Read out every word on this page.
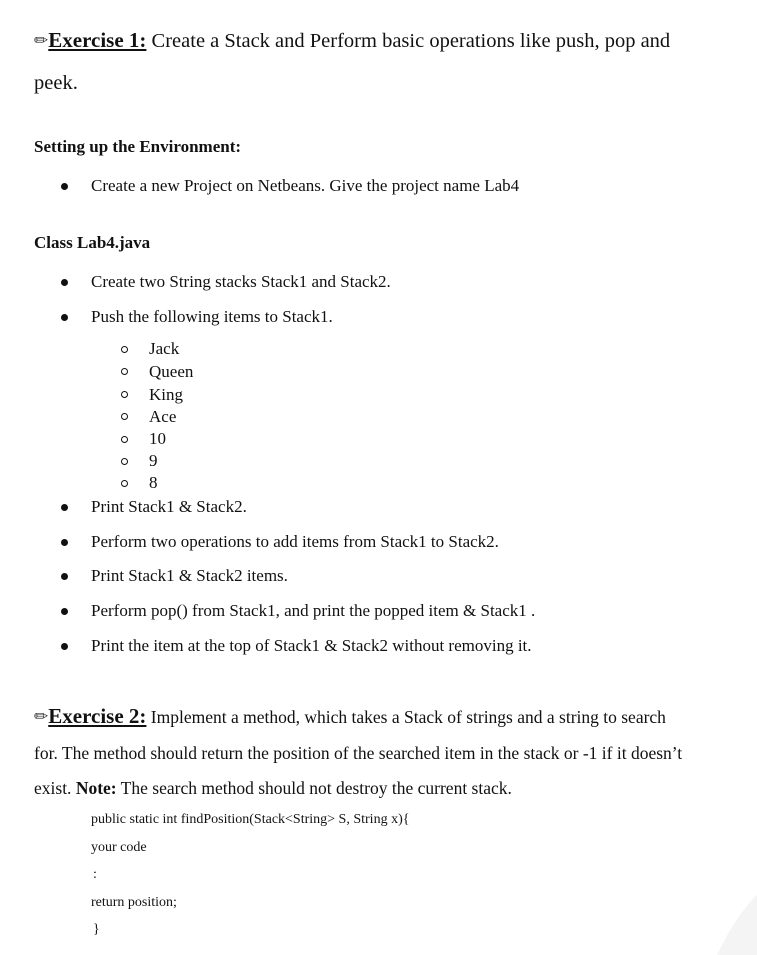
✏Exercise 1: Create a Stack and Perform basic operations like push, pop and
peek.
Setting up the Environment:
Create a new Project on Netbeans. Give the project name Lab4
Class Lab4.java
Create two String stacks Stack1 and Stack2.
Push the following items to Stack1.
Jack
Queen
King
Ace
10
9
8
Print Stack1 & Stack2.
Perform two operations to add items from Stack1 to Stack2.
Print Stack1 & Stack2 items.
Perform pop() from Stack1, and print the popped item & Stack1 .
Print the item at the top of Stack1 & Stack2 without removing it.
✏Exercise 2: Implement a method, which takes a Stack of strings and a string to search
for. The method should return the position of the searched item in the stack or -1 if it doesn’t
exist. Note: The search method should not destroy the current stack.
public static int findPosition(Stack<String> S, String x){
your code
:
return position;
}
